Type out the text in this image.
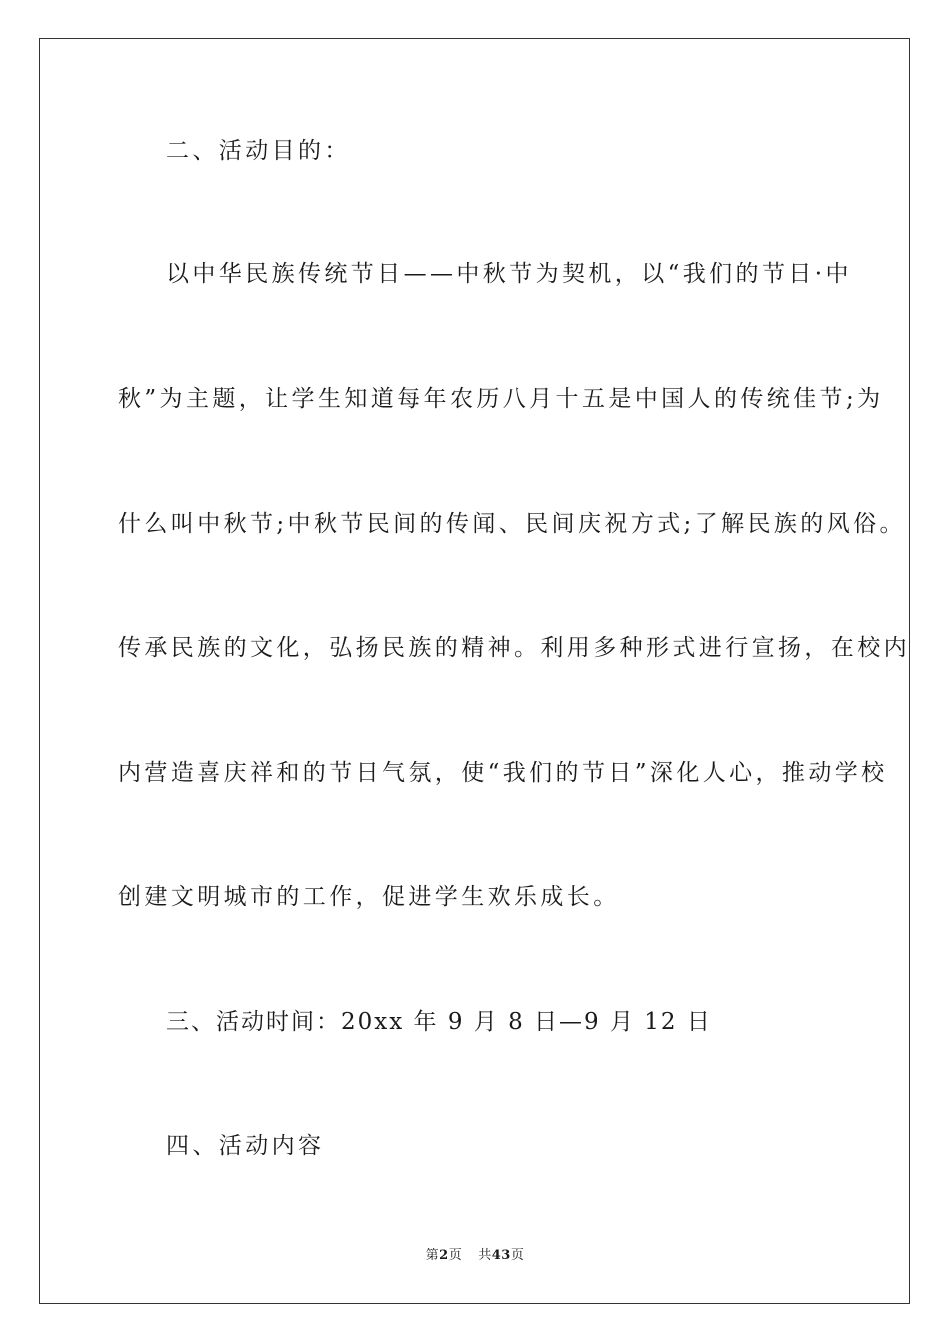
二、活动目的：
以中华民族传统节日——中秋节为契机，以“我们的节日·中
秋”为主题，让学生知道每年农历八月十五是中国人的传统佳节;为
什么叫中秋节;中秋节民间的传闻、民间庆祝方式;了解民族的风俗。
传承民族的文化，弘扬民族的精神。利用多种形式进行宣扬，在校内
内营造喜庆祥和的节日气氛，使“我们的节日”深化人心，推动学校
创建文明城市的工作，促进学生欢乐成长。
三、活动时间：20xx 年 9 月 8 日—9 月 12 日
四、活动内容
第2页 共43页
